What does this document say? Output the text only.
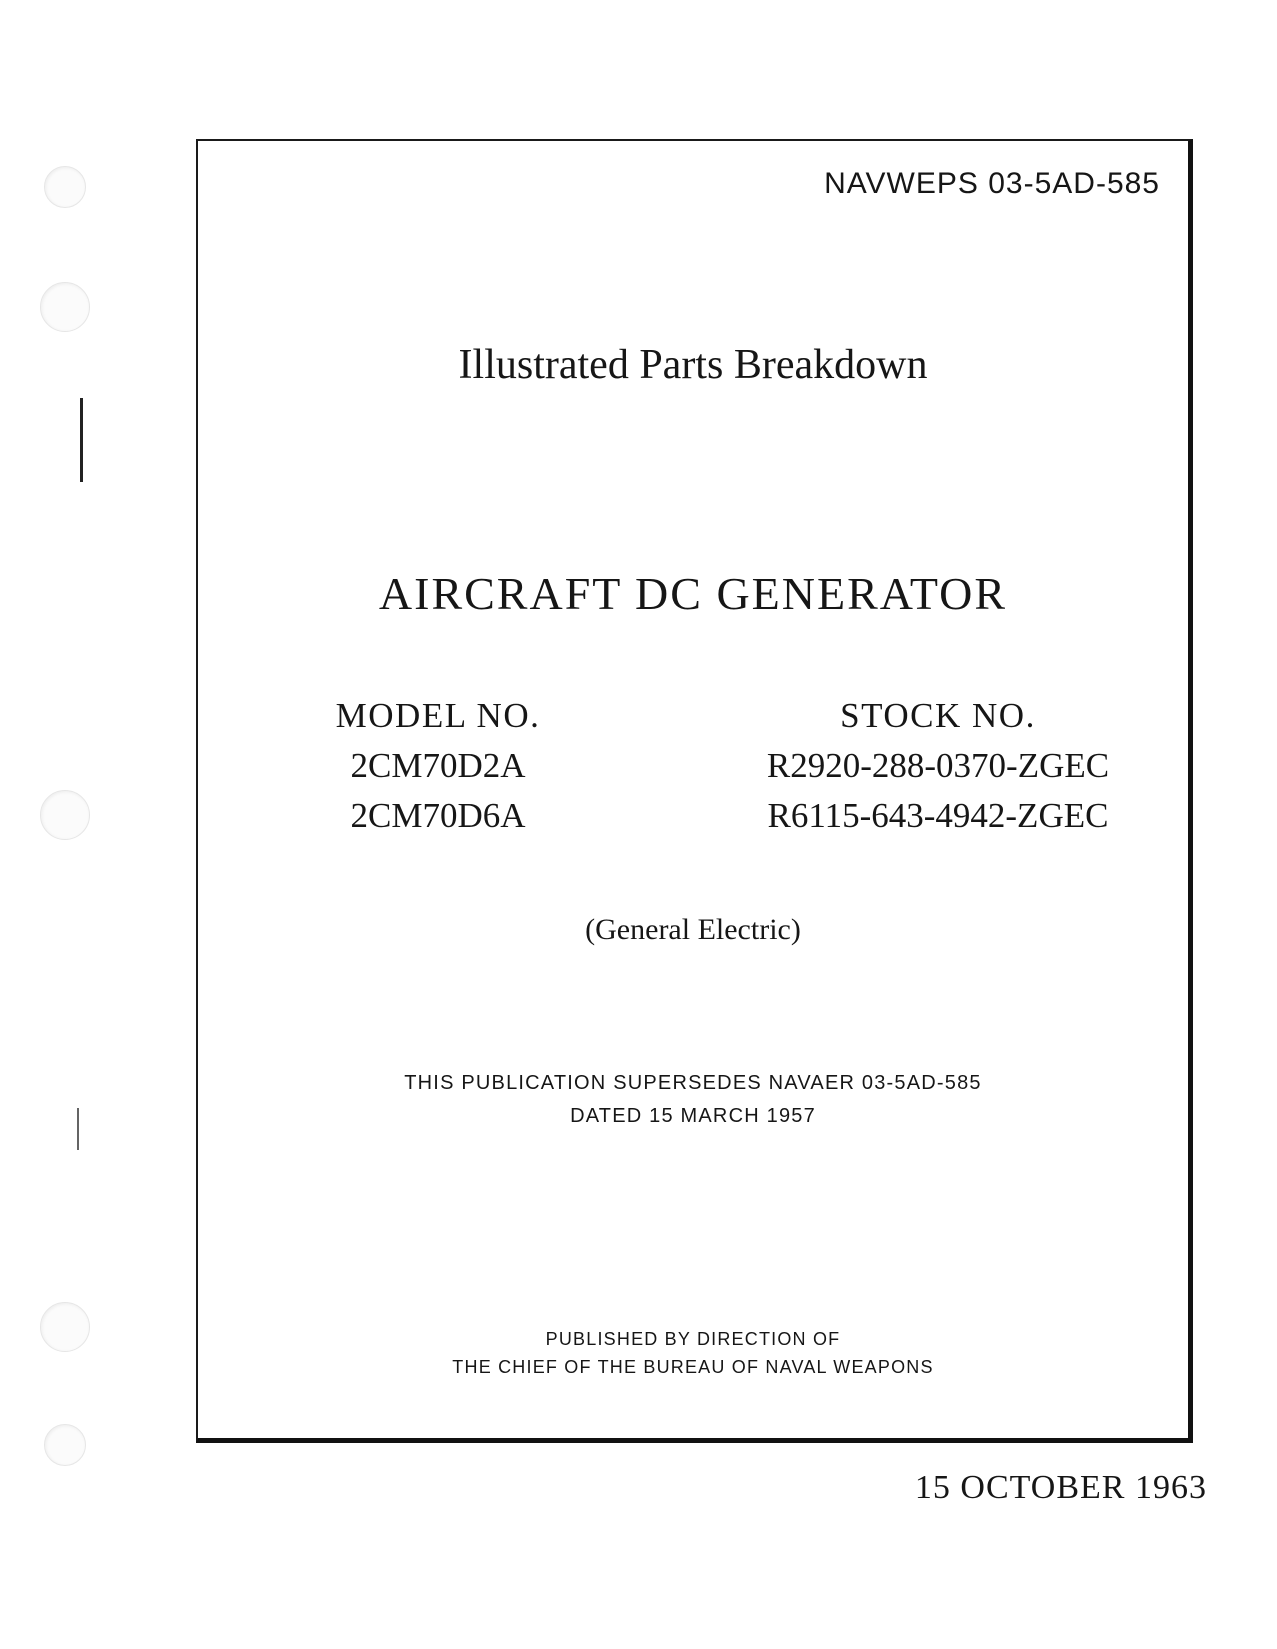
NAVWEPS 03-5AD-585
Illustrated Parts Breakdown
AIRCRAFT DC GENERATOR
MODEL NO.
2CM70D2A
2CM70D6A
STOCK NO.
R2920-288-0370-ZGEC
R6115-643-4942-ZGEC
(General Electric)
THIS PUBLICATION SUPERSEDES NAVAER 03-5AD-585
DATED 15 MARCH 1957
PUBLISHED BY DIRECTION OF
THE CHIEF OF THE BUREAU OF NAVAL WEAPONS
15 OCTOBER 1963
